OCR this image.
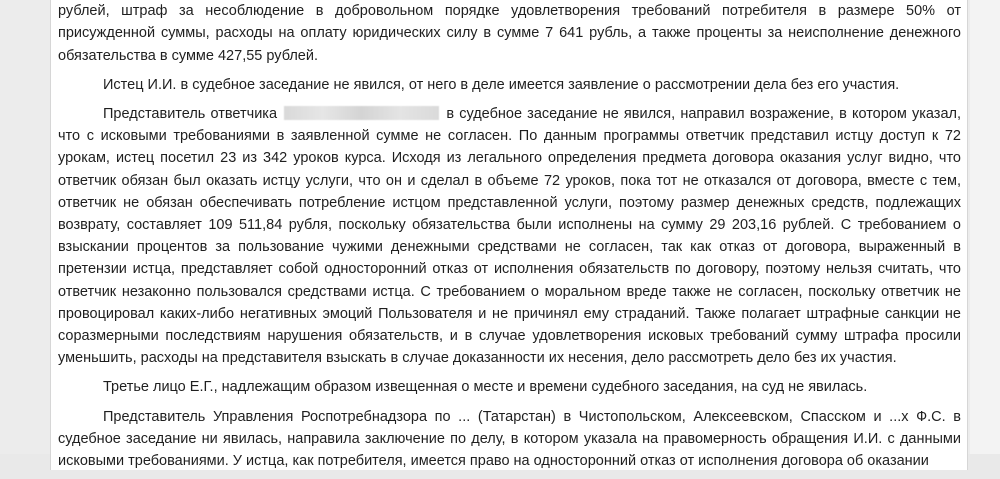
рублей, штраф за несоблюдение в добровольном порядке удовлетворения требований потребителя в размере 50% от присужденной суммы, расходы на оплату юридических силу в сумме 7 641 рубль, а также проценты за неисполнение денежного обязательства в сумме 427,55 рублей.

Истец И.И. в судебное заседание не явился, от него в деле имеется заявление о рассмотрении дела без его участия.

Представитель ответчика	в судебное заседание не явился, направил возражение, в котором указал, что с исковыми требованиями в заявленной сумме не согласен. По данным программы ответчик представил истцу доступ к 72 урокам, истец посетил 23 из 342 уроков курса. Исходя из легального определения предмета договора оказания услуг видно, что ответчик обязан был оказать истцу услуги, что он и сделал в объеме 72 уроков, пока тот не отказался от договора, вместе с тем, ответчик не обязан обеспечивать потребление истцом представленной услуги, поэтому размер денежных средств, подлежащих возврату, составляет 109 511,84 рубля, поскольку обязательства были исполнены на сумму 29 203,16 рублей. С требованием о взыскании процентов за пользование чужими денежными средствами не согласен, так как отказ от договора, выраженный в претензии истца, представляет собой односторонний отказ от исполнения обязательств по договору, поэтому нельзя считать, что ответчик незаконно пользовался средствами истца. С требованием о моральном вреде также не согласен, поскольку ответчик не провоцировал каких-либо негативных эмоций Пользователя и не причинял ему страданий. Также полагает штрафные санкции не соразмерными последствиям нарушения обязательств, и в случае удовлетворения исковых требований сумму штрафа просили уменьшить, расходы на представителя взыскать в случае доказанности их несения, дело рассмотреть дело без их участия.

Третье лицо Е.Г., надлежащим образом извещенная о месте и времени судебного заседания, на суд не явилась.

Представитель Управления Роспотребнадзора по ... (Татарстан) в Чистопольском, Алексеевском, Спасском и ...х Ф.С. в судебное заседание ни явилась, направила заключение по делу, в котором указала на правомерность обращения И.И. с данными исковыми требованиями. У истца, как потребителя, имеется право на односторонний отказ от исполнения договора об оказании
